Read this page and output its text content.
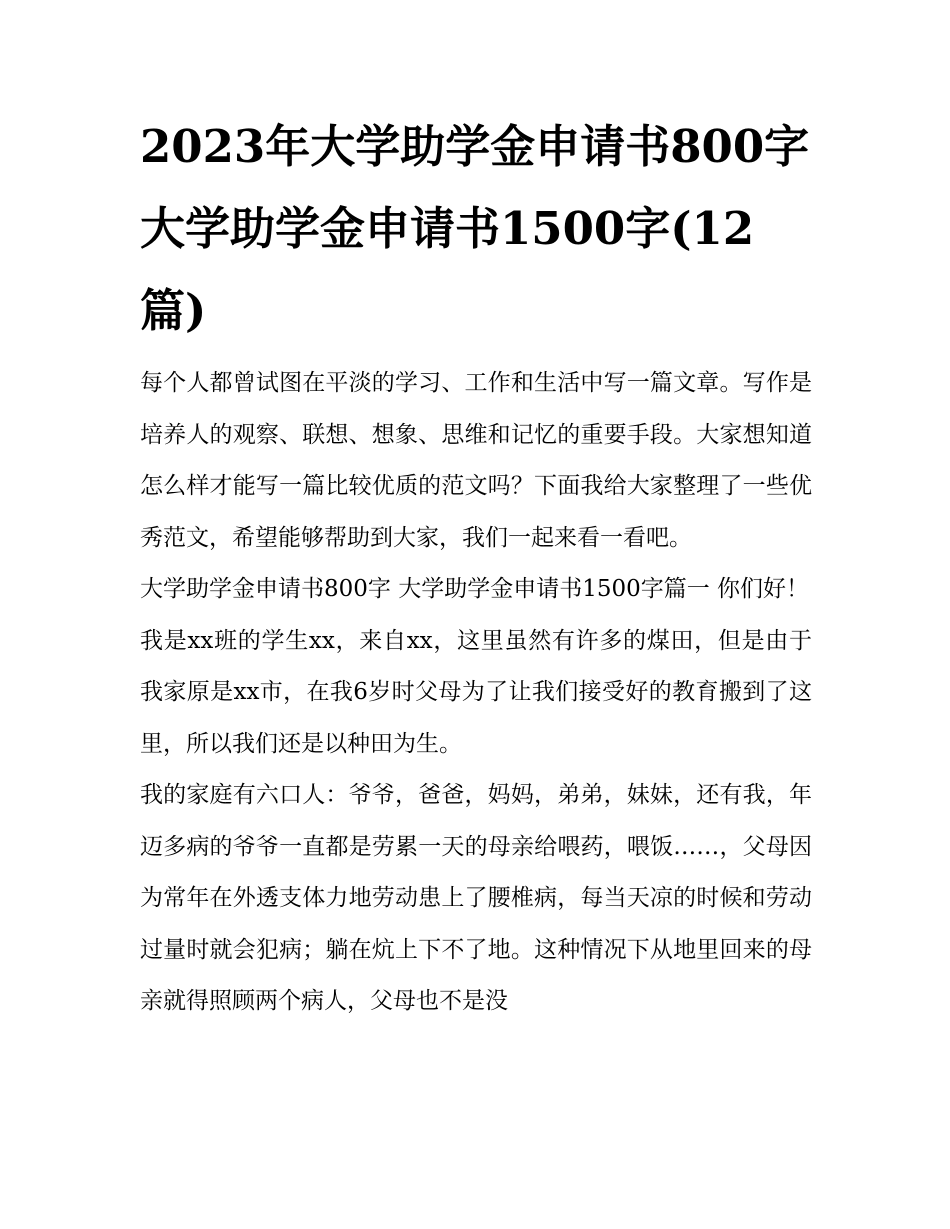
2023年大学助学金申请书800字 大学助学金申请书1500字(12篇)

每个人都曾试图在平淡的学习、工作和生活中写一篇文章。写作是培养人的观察、联想、想象、思维和记忆的重要手段。大家想知道怎么样才能写一篇比较优质的范文吗？下面我给大家整理了一些优秀范文，希望能够帮助到大家，我们一起来看一看吧。

大学助学金申请书800字 大学助学金申请书1500字篇一 你们好！

我是xx班的学生xx，来自xx，这里虽然有许多的煤田，但是由于我家原是xx市，在我6岁时父母为了让我们接受好的教育搬到了这里，所以我们还是以种田为生。

我的家庭有六口人：爷爷，爸爸，妈妈，弟弟，妹妹，还有我，年迈多病的爷爷一直都是劳累一天的母亲给喂药，喂饭……，父母因为常年在外透支体力地劳动患上了腰椎病，每当天凉的时候和劳动过量时就会犯病；躺在炕上下不了地。这种情况下从地里回来的母亲就得照顾两个病人，父母也不是没
